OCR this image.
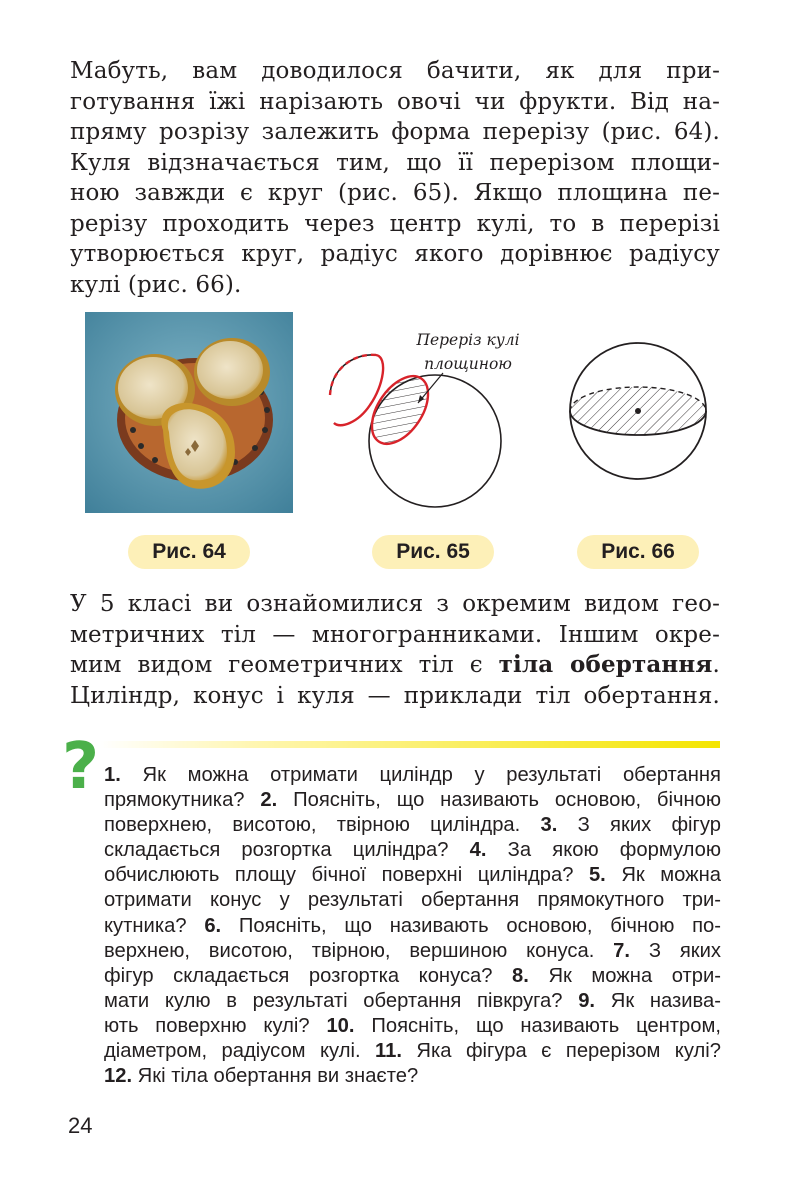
Мабуть, вам доводилося бачити, як для при-
готування їжі нарізають овочі чи фрукти. Від на-
пряму розрізу залежить форма перерізу (рис. 64).
Куля відзначається тим, що її перерізом площи-
ною завжди є круг (рис. 65). Якщо площина пе-
рерізу проходить через центр кулі, то в перерізі
утворюється круг, радіус якого дорівнює радіусу
кулі (рис. 66).
Переріз кулі
площиною
Рис. 64	Рис. 65	Рис. 66
У 5 класі ви ознайомилися з окремим видом гео-
метричних тіл — многогранниками. Іншим окре-
мим видом геометричних тіл є тіла обертання.
Циліндр, конус і куля — приклади тіл обертання.
? 1. Як можна отримати циліндр у результаті обертання
прямокутника? 2. Поясніть, що називають основою, бічною
поверхнею, висотою, твірною циліндра. 3. З яких фігур
складається розгортка циліндра? 4. За якою формулою
обчислюють площу бічної поверхні циліндра? 5. Як можна
отримати конус у результаті обертання прямокутного три-
кутника? 6. Поясніть, що називають основою, бічною по-
верхнею, висотою, твірною, вершиною конуса. 7. З яких
фігур складається розгортка конуса? 8. Як можна отри-
мати кулю в результаті обертання півкруга? 9. Як назива-
ють поверхню кулі? 10. Поясніть, що називають центром,
діаметром, радіусом кулі. 11. Яка фігура є перерізом кулі?
12. Які тіла обертання ви знаєте?
24
